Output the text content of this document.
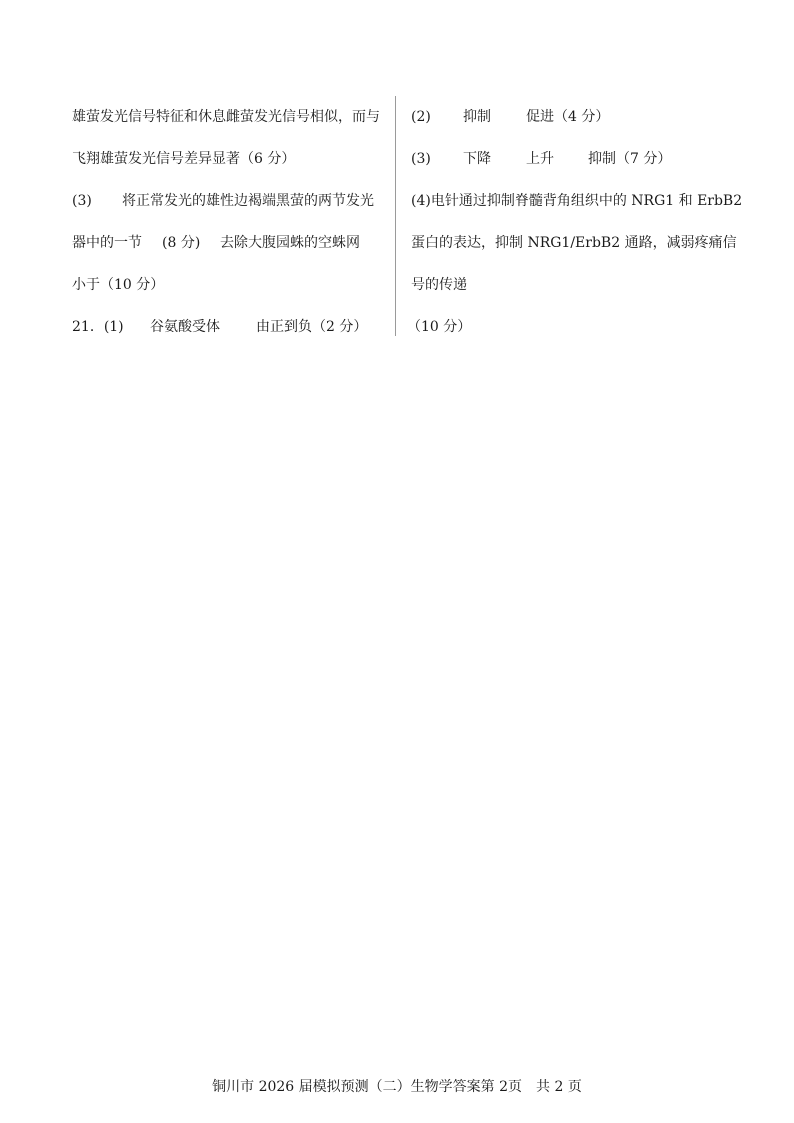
雄萤发光信号特征和休息雌萤发光信号相似，而与
飞翔雄萤发光信号差异显著（6 分）
(3) 将正常发光的雄性边褐端黑萤的两节发光
器中的一节 (8 分) 去除大腹园蛛的空蛛网
小于（10 分）
21．(1) 谷氨酸受体	由正到负（2 分）
(2) 抑制	促进（4 分）
(3) 下降	上升 抑制（7 分）
(4)电针通过抑制脊髓背角组织中的 NRG1 和 ErbB2
蛋白的表达，抑制 NRG1/ErbB2 通路，减弱疼痛信
号的传递
（10 分）
铜川市 2026 届模拟预测（二）生物学答案第 2页　共 2 页
